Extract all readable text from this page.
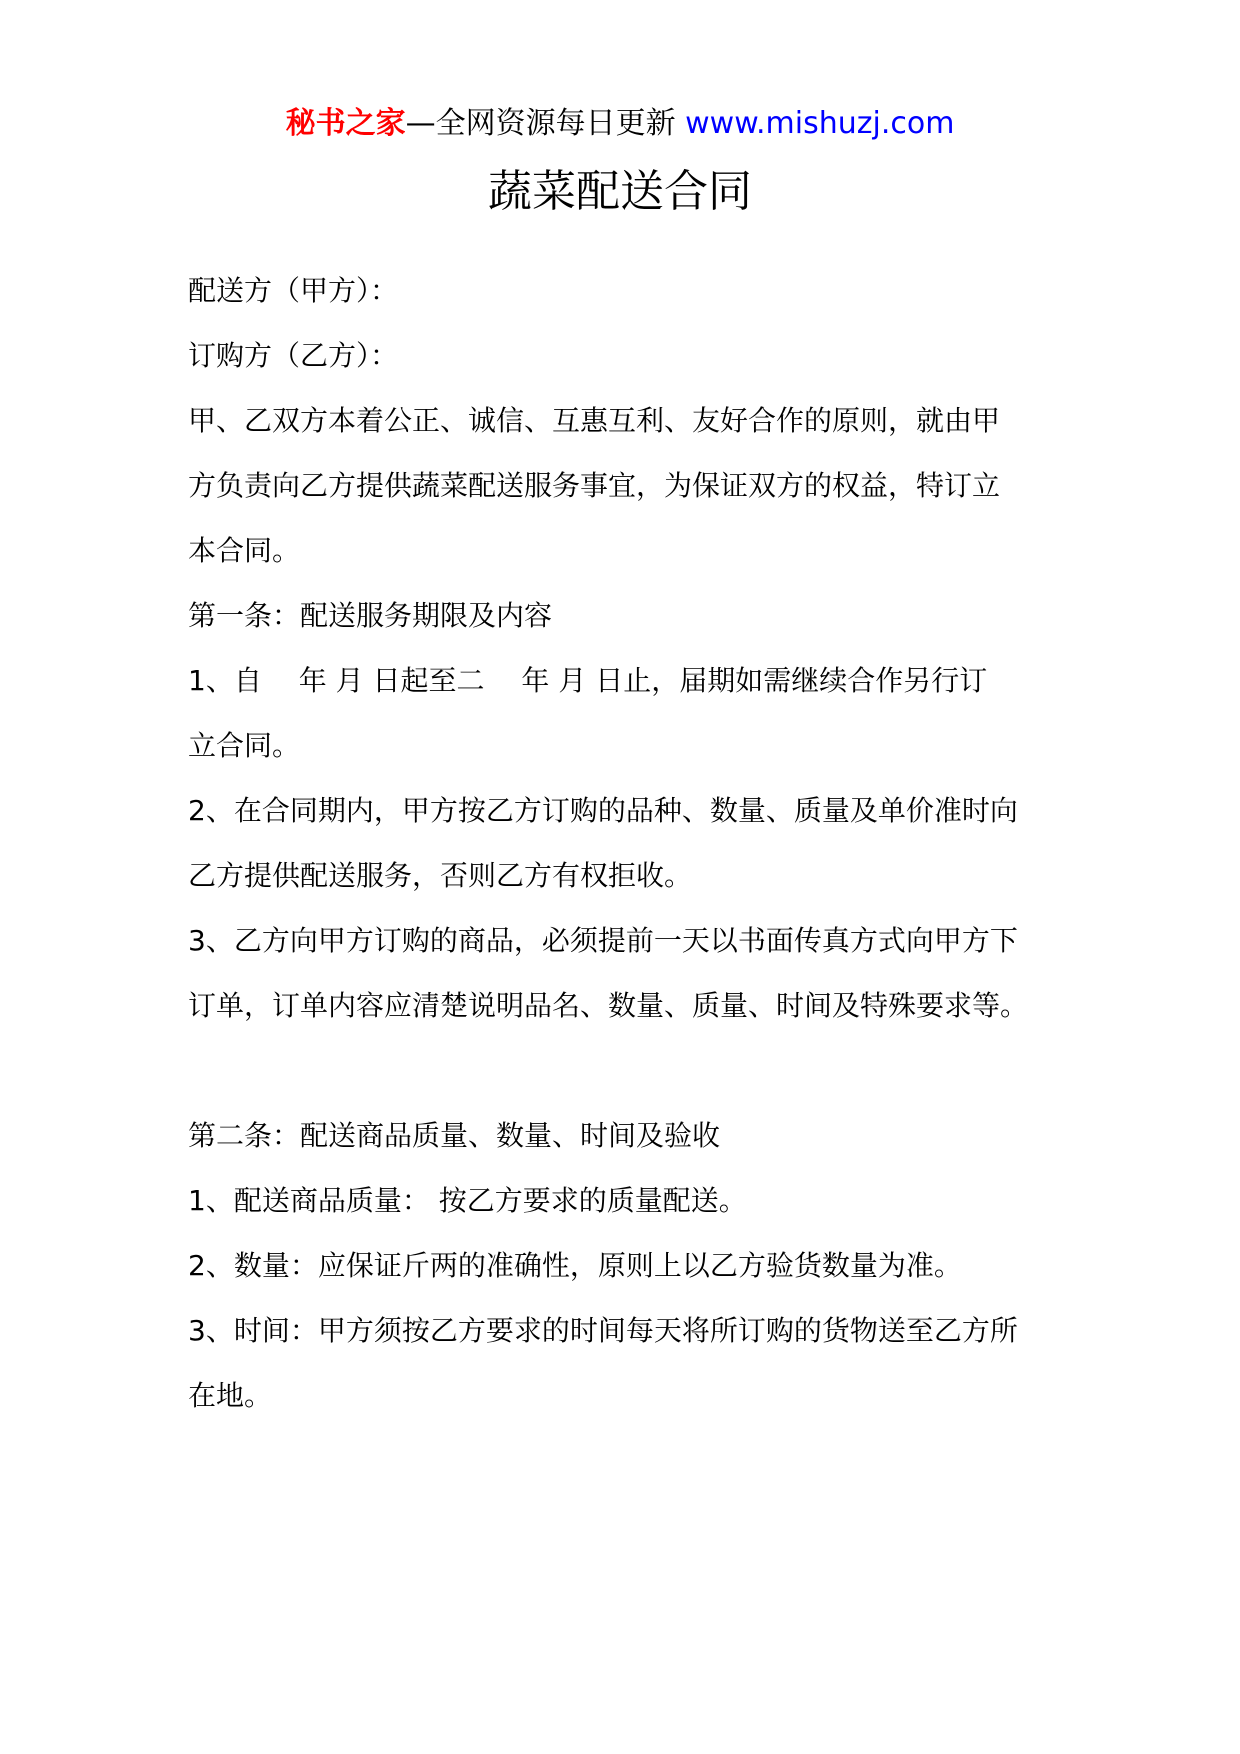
秘书之家—全网资源每日更新 www.mishuzj.com
蔬菜配送合同

配送方（甲方）：

订购方（乙方）：

甲、乙双方本着公正、诚信、互惠互利、友好合作的原则，就由甲

方负责向乙方提供蔬菜配送服务事宜，为保证双方的权益，特订立

本合同。

第一条：配送服务期限及内容

1、自　 年 月 日起至二　 年 月 日止，届期如需继续合作另行订

立合同。

2、在合同期内，甲方按乙方订购的品种、数量、质量及单价准时向

乙方提供配送服务，否则乙方有权拒收。

3、乙方向甲方订购的商品，必须提前一天以书面传真方式向甲方下

订单，订单内容应清楚说明品名、数量、质量、时间及特殊要求等。

第二条：配送商品质量、数量、时间及验收

1、配送商品质量： 按乙方要求的质量配送。

2、数量：应保证斤两的准确性，原则上以乙方验货数量为准。

3、时间：甲方须按乙方要求的时间每天将所订购的货物送至乙方所

在地。
